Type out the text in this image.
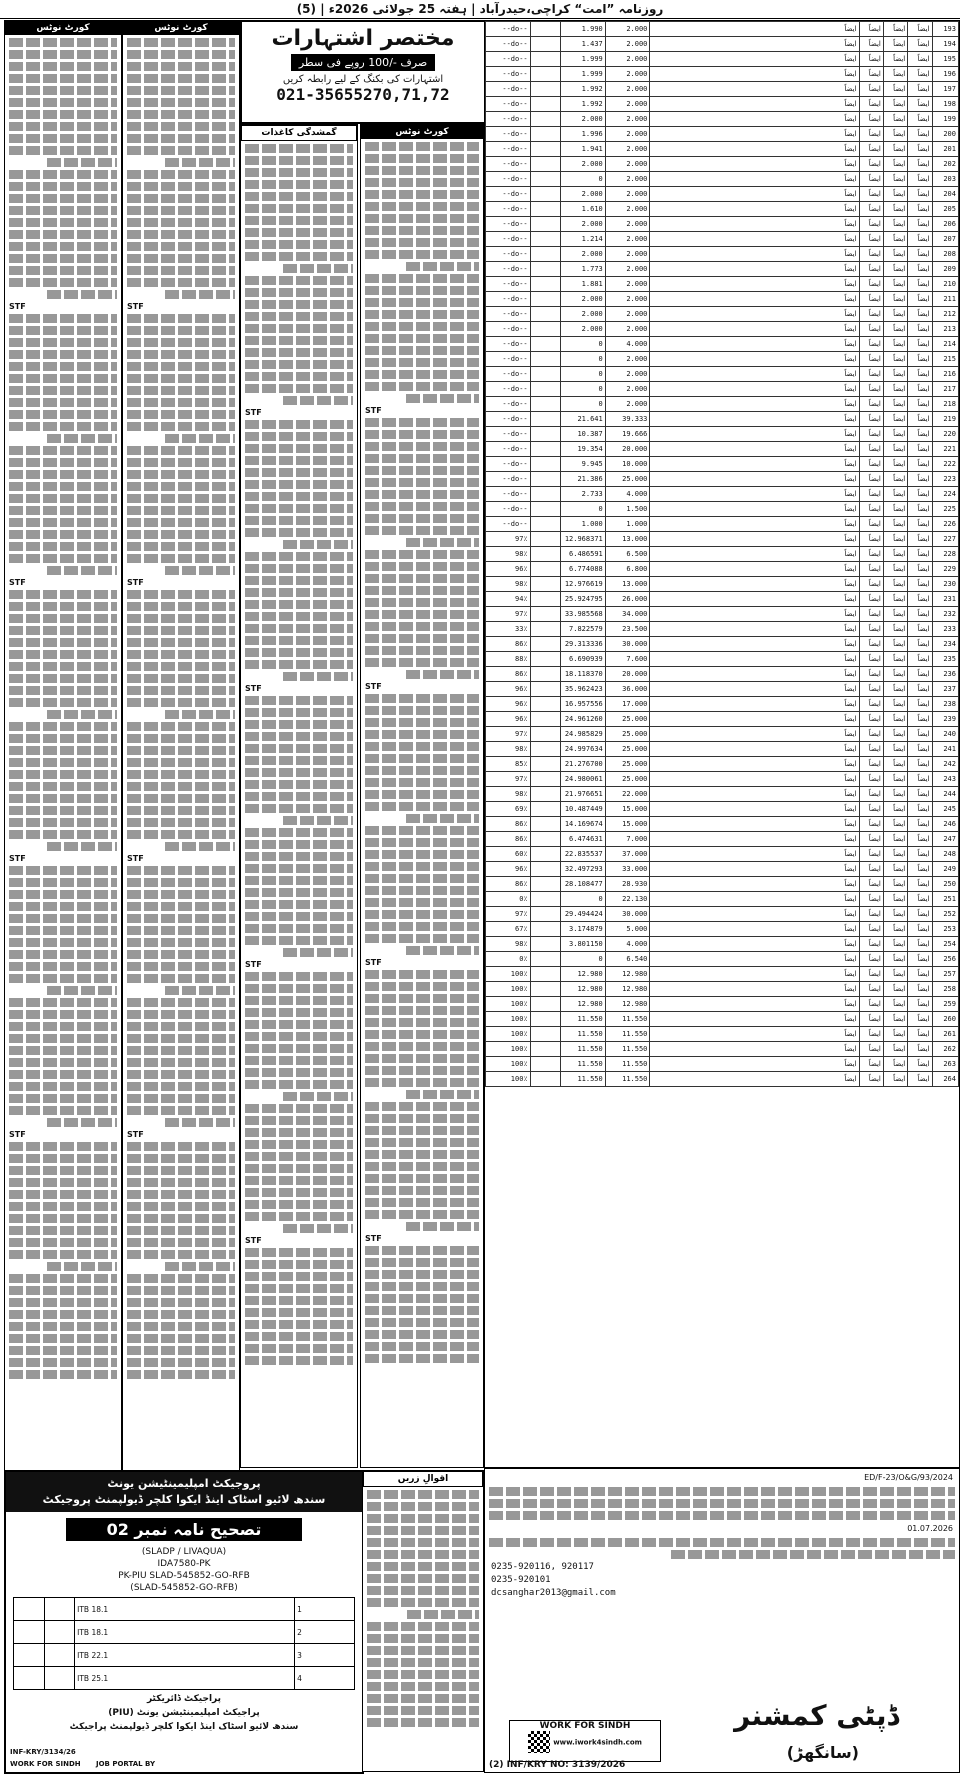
روزنامہ ”امت“ کراچی،حیدرآباد | ہفتہ 25 جولائی 2026ء | (5)
کورٹ نوٹس
STF
STF
STF
STF
کورٹ نوٹس
STF
STF
STF
STF
گمشدگی کاغذات
STF
STF
STF
STF
کورٹ نوٹس
STF
STF
STF
STF
مختصر اشتہارات
صرف -/100 روپے فی سطر
اشتہارات کی بکنگ کے لیے رابطہ کریں
021-35655270,71,72
--do--		1.990	2.000	ایضاً	ایضاً	ایضاً	ایضاً	193
--do--		1.437	2.000	ایضاً	ایضاً	ایضاً	ایضاً	194
--do--		1.999	2.000	ایضاً	ایضاً	ایضاً	ایضاً	195
--do--		1.999	2.000	ایضاً	ایضاً	ایضاً	ایضاً	196
--do--		1.992	2.000	ایضاً	ایضاً	ایضاً	ایضاً	197
--do--		1.992	2.000	ایضاً	ایضاً	ایضاً	ایضاً	198
--do--		2.000	2.000	ایضاً	ایضاً	ایضاً	ایضاً	199
--do--		1.996	2.000	ایضاً	ایضاً	ایضاً	ایضاً	200
--do--		1.941	2.000	ایضاً	ایضاً	ایضاً	ایضاً	201
--do--		2.000	2.000	ایضاً	ایضاً	ایضاً	ایضاً	202
--do--		0	2.000	ایضاً	ایضاً	ایضاً	ایضاً	203
--do--		2.000	2.000	ایضاً	ایضاً	ایضاً	ایضاً	204
--do--		1.610	2.000	ایضاً	ایضاً	ایضاً	ایضاً	205
--do--		2.000	2.000	ایضاً	ایضاً	ایضاً	ایضاً	206
--do--		1.214	2.000	ایضاً	ایضاً	ایضاً	ایضاً	207
--do--		2.000	2.000	ایضاً	ایضاً	ایضاً	ایضاً	208
--do--		1.773	2.000	ایضاً	ایضاً	ایضاً	ایضاً	209
--do--		1.881	2.000	ایضاً	ایضاً	ایضاً	ایضاً	210
--do--		2.000	2.000	ایضاً	ایضاً	ایضاً	ایضاً	211
--do--		2.000	2.000	ایضاً	ایضاً	ایضاً	ایضاً	212
--do--		2.000	2.000	ایضاً	ایضاً	ایضاً	ایضاً	213
--do--		0	4.000	ایضاً	ایضاً	ایضاً	ایضاً	214
--do--		0	2.000	ایضاً	ایضاً	ایضاً	ایضاً	215
--do--		0	2.000	ایضاً	ایضاً	ایضاً	ایضاً	216
--do--		0	2.000	ایضاً	ایضاً	ایضاً	ایضاً	217
--do--		0	2.000	ایضاً	ایضاً	ایضاً	ایضاً	218
--do--		21.641	39.333	ایضاً	ایضاً	ایضاً	ایضاً	219
--do--		10.387	19.666	ایضاً	ایضاً	ایضاً	ایضاً	220
--do--		19.354	20.000	ایضاً	ایضاً	ایضاً	ایضاً	221
--do--		9.945	10.000	ایضاً	ایضاً	ایضاً	ایضاً	222
--do--		21.386	25.000	ایضاً	ایضاً	ایضاً	ایضاً	223
--do--		2.733	4.000	ایضاً	ایضاً	ایضاً	ایضاً	224
--do--		0	1.500	ایضاً	ایضاً	ایضاً	ایضاً	225
--do--		1.000	1.000	ایضاً	ایضاً	ایضاً	ایضاً	226
97٪		12.968371	13.000	ایضاً	ایضاً	ایضاً	ایضاً	227
98٪		6.486591	6.500	ایضاً	ایضاً	ایضاً	ایضاً	228
96٪		6.774088	6.800	ایضاً	ایضاً	ایضاً	ایضاً	229
98٪		12.976619	13.000	ایضاً	ایضاً	ایضاً	ایضاً	230
94٪		25.924795	26.000	ایضاً	ایضاً	ایضاً	ایضاً	231
97٪		33.985568	34.000	ایضاً	ایضاً	ایضاً	ایضاً	232
33٪		7.822579	23.500	ایضاً	ایضاً	ایضاً	ایضاً	233
86٪		29.313336	30.000	ایضاً	ایضاً	ایضاً	ایضاً	234
88٪		6.690939	7.600	ایضاً	ایضاً	ایضاً	ایضاً	235
86٪		18.118370	20.000	ایضاً	ایضاً	ایضاً	ایضاً	236
96٪		35.962423	36.000	ایضاً	ایضاً	ایضاً	ایضاً	237
96٪		16.957556	17.000	ایضاً	ایضاً	ایضاً	ایضاً	238
96٪		24.961260	25.000	ایضاً	ایضاً	ایضاً	ایضاً	239
97٪		24.985829	25.000	ایضاً	ایضاً	ایضاً	ایضاً	240
98٪		24.997634	25.000	ایضاً	ایضاً	ایضاً	ایضاً	241
85٪		21.276700	25.000	ایضاً	ایضاً	ایضاً	ایضاً	242
97٪		24.980061	25.000	ایضاً	ایضاً	ایضاً	ایضاً	243
98٪		21.976651	22.000	ایضاً	ایضاً	ایضاً	ایضاً	244
69٪		10.487449	15.000	ایضاً	ایضاً	ایضاً	ایضاً	245
86٪		14.169674	15.000	ایضاً	ایضاً	ایضاً	ایضاً	246
86٪		6.474631	7.000	ایضاً	ایضاً	ایضاً	ایضاً	247
60٪		22.835537	37.000	ایضاً	ایضاً	ایضاً	ایضاً	248
96٪		32.497293	33.000	ایضاً	ایضاً	ایضاً	ایضاً	249
86٪		28.108477	28.930	ایضاً	ایضاً	ایضاً	ایضاً	250
0٪		0	22.130	ایضاً	ایضاً	ایضاً	ایضاً	251
97٪		29.494424	30.000	ایضاً	ایضاً	ایضاً	ایضاً	252
67٪		3.174879	5.000	ایضاً	ایضاً	ایضاً	ایضاً	253
98٪		3.801150	4.000	ایضاً	ایضاً	ایضاً	ایضاً	254
0٪		0	6.540	ایضاً	ایضاً	ایضاً	ایضاً	256
100٪		12.980	12.980	ایضاً	ایضاً	ایضاً	ایضاً	257
100٪		12.980	12.980	ایضاً	ایضاً	ایضاً	ایضاً	258
100٪		12.980	12.980	ایضاً	ایضاً	ایضاً	ایضاً	259
100٪		11.550	11.550	ایضاً	ایضاً	ایضاً	ایضاً	260
100٪		11.550	11.550	ایضاً	ایضاً	ایضاً	ایضاً	261
100٪		11.550	11.550	ایضاً	ایضاً	ایضاً	ایضاً	262
100٪		11.550	11.550	ایضاً	ایضاً	ایضاً	ایضاً	263
100٪		11.550	11.550	ایضاً	ایضاً	ایضاً	ایضاً	264
پروجیکٹ امپلیمینٹیشن یونٹ
سندھ لائیو اسٹاک اینڈ ایکوا کلچر ڈیولپمنٹ پروجیکٹ
تصحیح نامہ نمبر 02
(SLADP / LIVAQUA)
IDA7580-PK
PK-PIU SLAD-545852-GO-RFB
(SLAD-545852-GO-RFB)
		ITB 18.1	1
		ITB 18.1	2
		ITB 22.1	3
		ITB 25.1	4
پراجیکٹ ڈائریکٹر
پراجیکٹ امپلیمینٹیشن یونٹ (PIU)
سندھ لائیو اسٹاک اینڈ ایکوا کلچر ڈیولپمنٹ پراجیکٹ
INF-KRY/3134/26
WORK FOR SINDH JOB PORTAL BY
اقوالِ زریں	ED/F-23/O&G/93/2024
01.07.2026
0235-920116, 920117
0235-920101
dcsanghar2013@gmail.com
ڈپٹی کمشنر
(سانگھڑ)
WORK FOR SINDH
www.iwork4sindh.com
(2) INF/KRY NO: 3139/2026
